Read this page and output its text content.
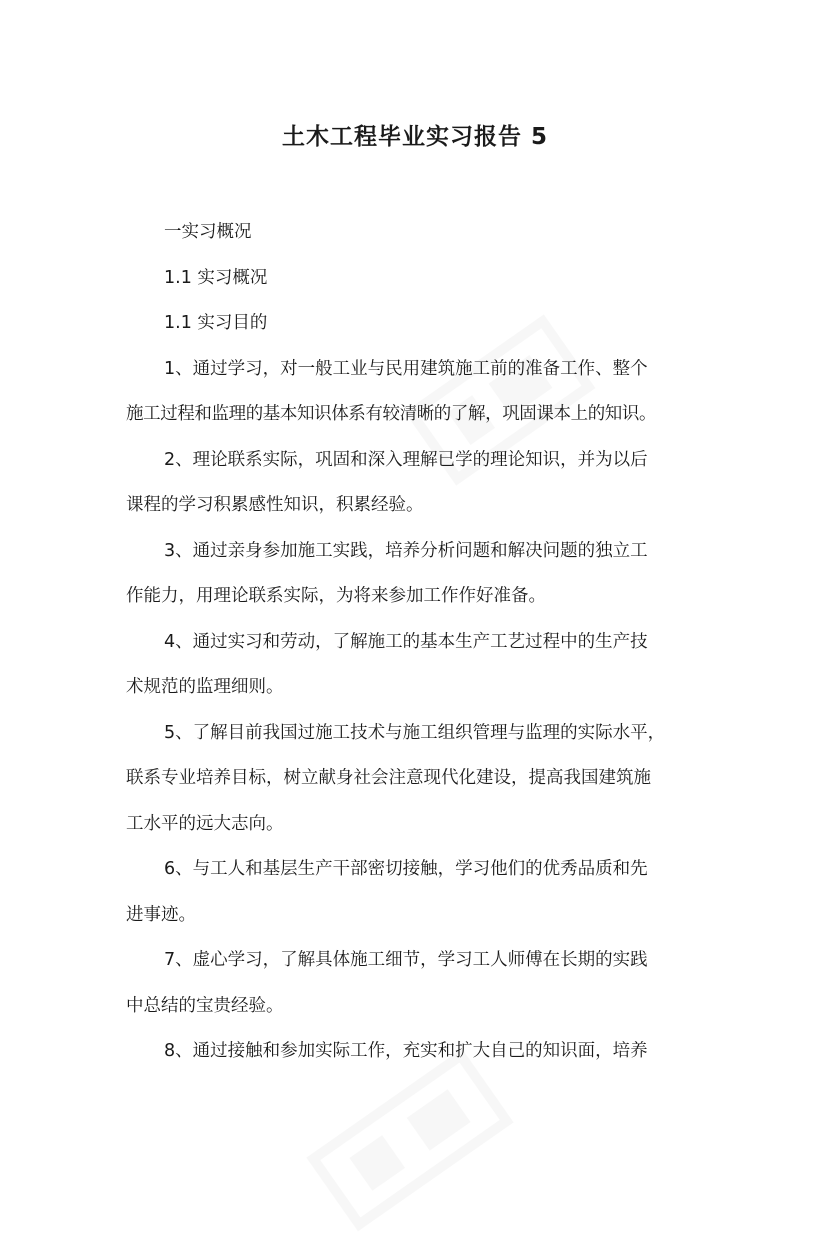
土木工程毕业实习报告 5

一实习概况

1.1 实习概况

1.1 实习目的

1、通过学习，对一般工业与民用建筑施工前的准备工作、整个

施工过程和监理的基本知识体系有较清晰的了解，巩固课本上的知识。

2、理论联系实际，巩固和深入理解已学的理论知识，并为以后

课程的学习积累感性知识，积累经验。

3、通过亲身参加施工实践，培养分析问题和解决问题的独立工

作能力，用理论联系实际，为将来参加工作作好准备。

4、通过实习和劳动，了解施工的基本生产工艺过程中的生产技

术规范的监理细则。

5、了解目前我国过施工技术与施工组织管理与监理的实际水平，

联系专业培养目标，树立献身社会注意现代化建设，提高我国建筑施

工水平的远大志向。

6、与工人和基层生产干部密切接触，学习他们的优秀品质和先

进事迹。

7、虚心学习，了解具体施工细节，学习工人师傅在长期的实践

中总结的宝贵经验。

8、通过接触和参加实际工作，充实和扩大自己的知识面，培养
